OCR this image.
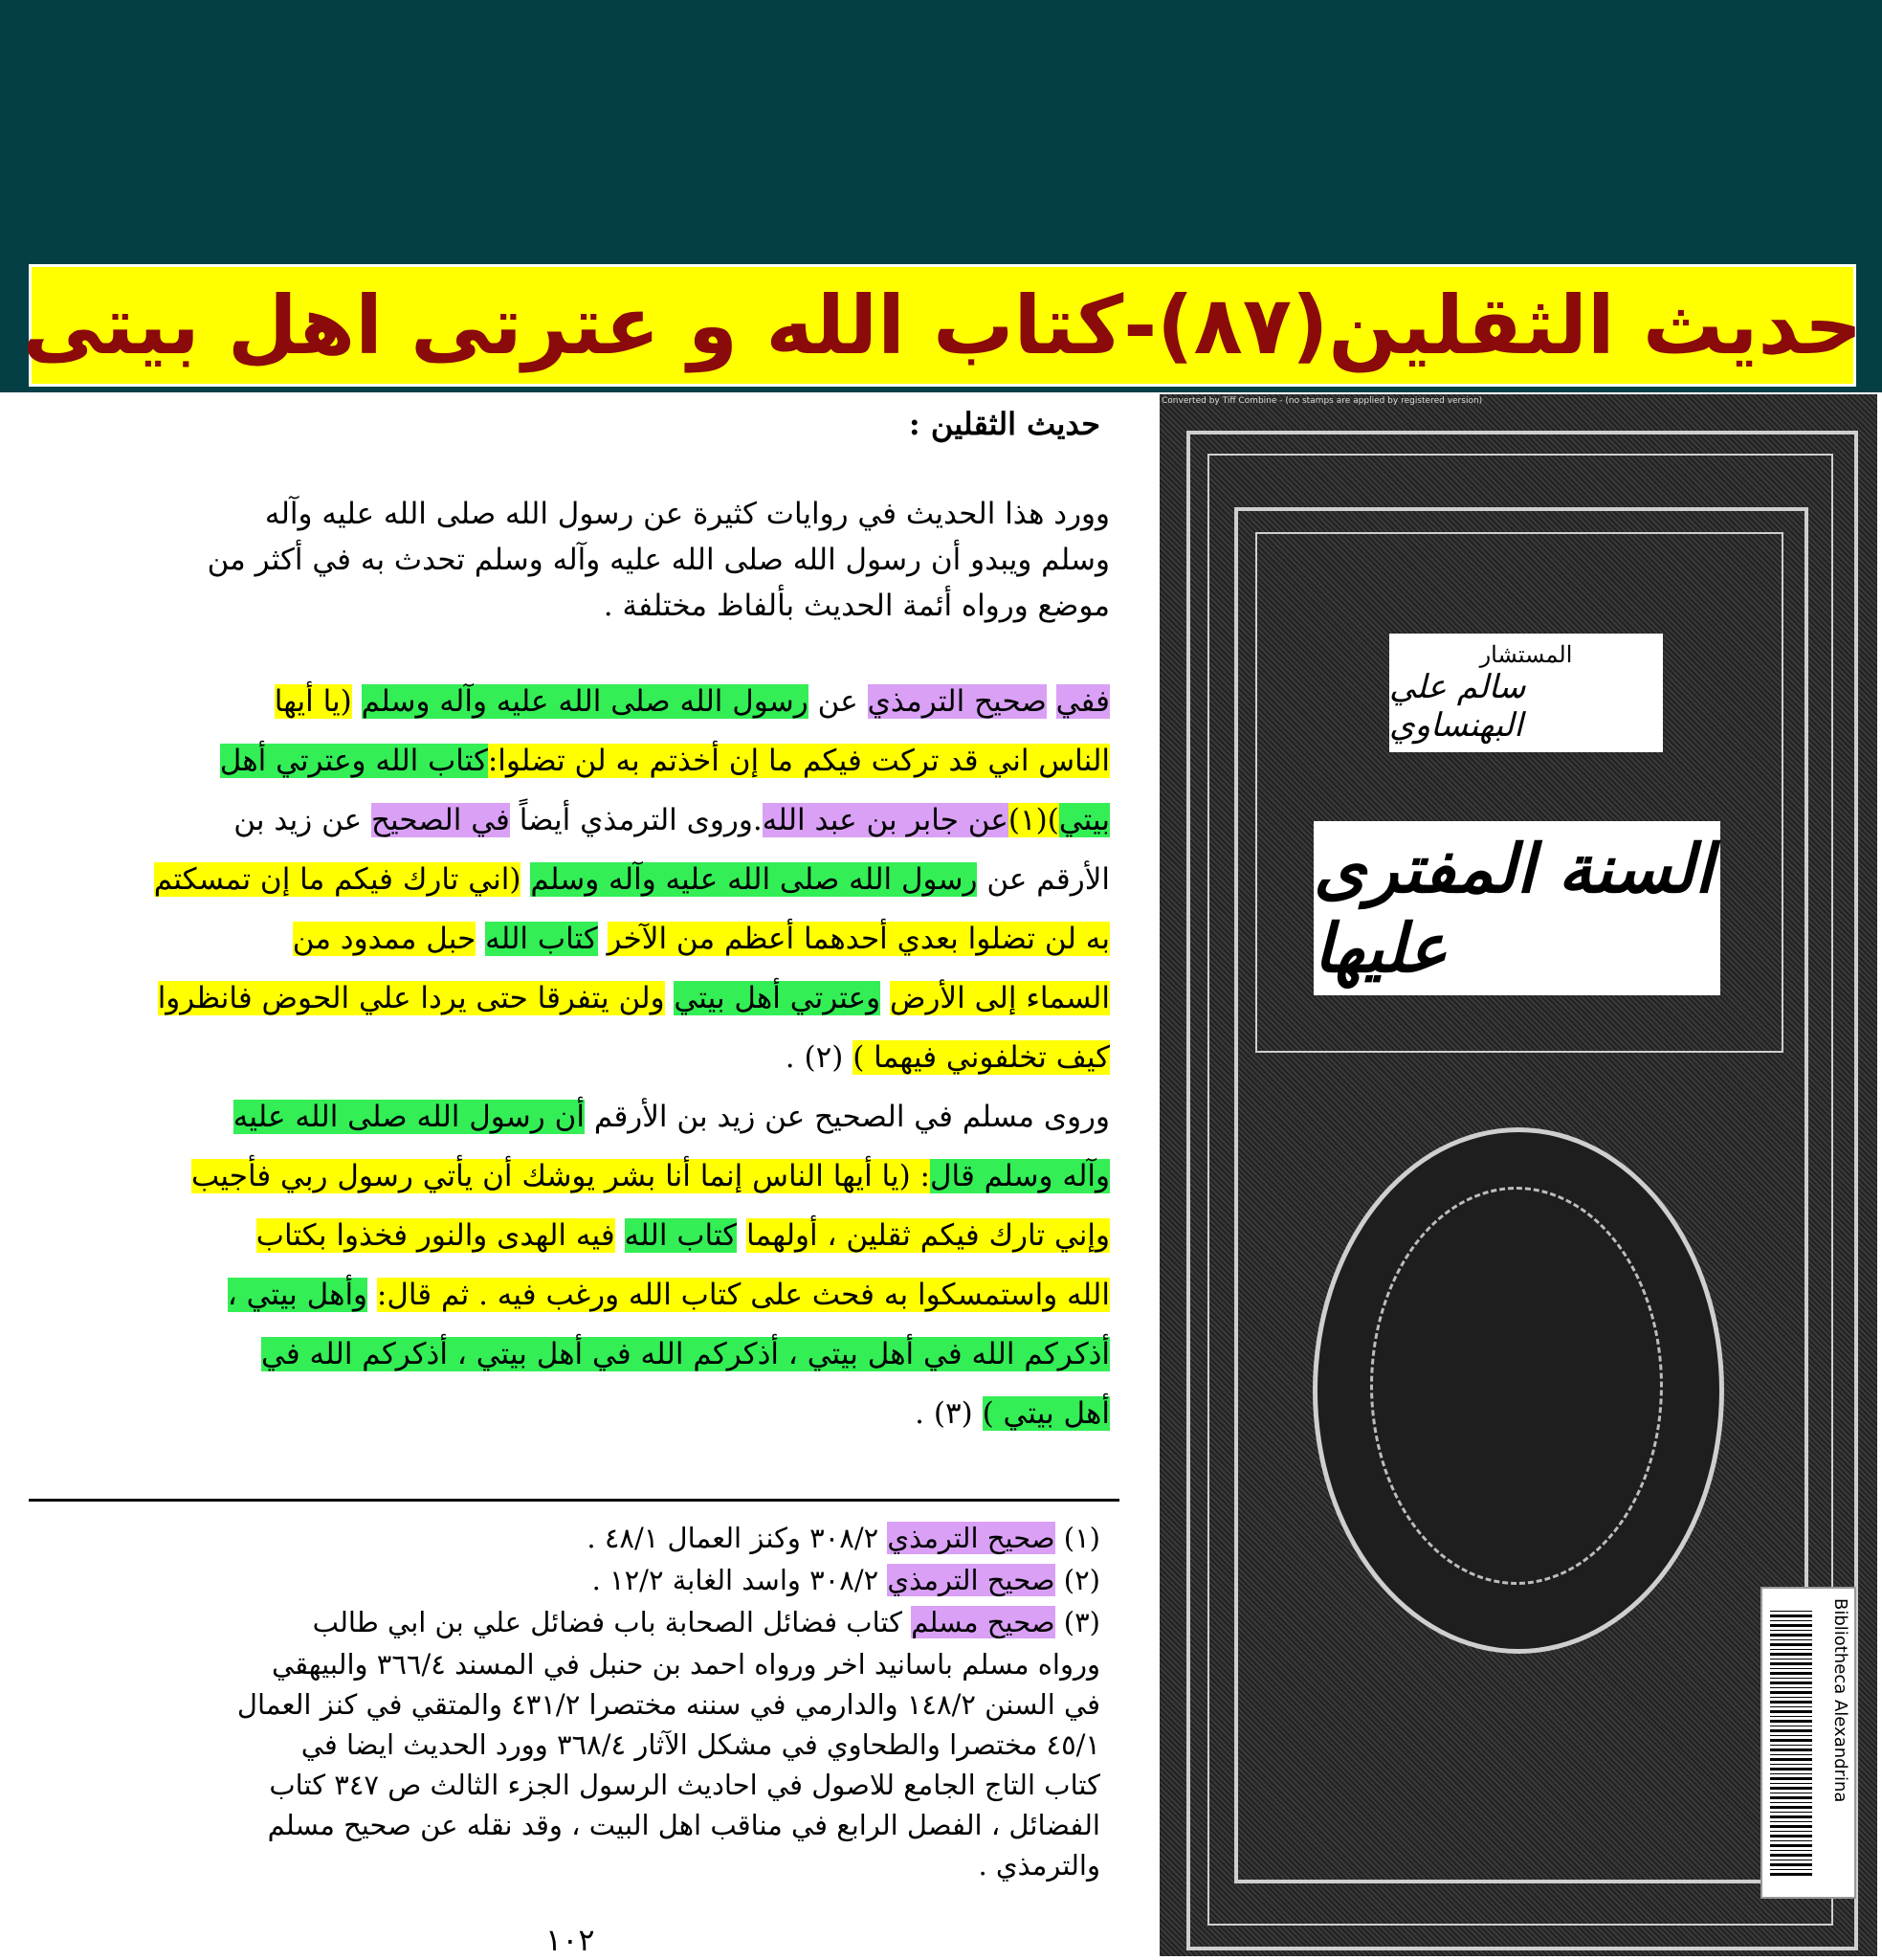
حديث الثقلين(٨٧)-كتاب الله و عترتى اهل بيتى
حديث الثقلين :
وورد هذا الحديث في روايات كثيرة عن رسول الله صلى الله عليه وآله
وسلم ويبدو أن رسول الله صلى الله عليه وآله وسلم تحدث به في أكثر من
موضع ورواه أئمة الحديث بألفاظ مختلفة .
ففي صحيح الترمذي عن رسول الله صلى الله عليه وآله وسلم (يا أيها
الناس اني قد تركت فيكم ما إن أخذتم به لن تضلوا:كتاب الله وعترتي أهل
بيتي)(١)عن جابر بن عبد الله.وروى الترمذي أيضاً في الصحيح عن زيد بن
الأرقم عن رسول الله صلى الله عليه وآله وسلم (اني تارك فيكم ما إن تمسكتم
به لن تضلوا بعدي أحدهما أعظم من الآخر كتاب الله حبل ممدود من
السماء إلى الأرض وعترتي أهل بيتي ولن يتفرقا حتى يردا علي الحوض فانظروا
كيف تخلفوني فيهما ) (٢) .
وروى مسلم في الصحيح عن زيد بن الأرقم أن رسول الله صلى الله عليه
وآله وسلم قال: (يا أيها الناس إنما أنا بشر يوشك أن يأتي رسول ربي فأجيب
وإني تارك فيكم ثقلين ، أولهما كتاب الله فيه الهدى والنور فخذوا بكتاب
الله واستمسكوا به فحث على كتاب الله ورغب فيه . ثم قال: وأهل بيتي ،
أذكركم الله في أهل بيتي ، أذكركم الله في أهل بيتي ، أذكركم الله في
أهل بيتي ) (٣) .
(١) صحيح الترمذي ٣٠٨/٢ وكنز العمال ٤٨/١ .
(٢) صحيح الترمذي ٣٠٨/٢ واسد الغابة ١٢/٢ .
(٣) صحيح مسلم كتاب فضائل الصحابة باب فضائل علي بن ابي طالب
ورواه مسلم باسانيد اخر ورواه احمد بن حنبل في المسند ٣٦٦/٤ والبيهقي
في السنن ١٤٨/٢ والدارمي في سننه مختصرا ٤٣١/٢ والمتقي في كنز العمال
٤٥/١ مختصرا والطحاوي في مشكل الآثار ٣٦٨/٤ وورد الحديث ايضا في
كتاب التاج الجامع للاصول في احاديث الرسول الجزء الثالث ص ٣٤٧ كتاب
الفضائل ، الفصل الرابع في مناقب اهل البيت ، وقد نقله عن صحيح مسلم
والترمذي .
١٠٢
Converted by Tiff Combine - (no stamps are applied by registered version)
المستشار
سالم علي البهنساوي
السنة المفترى عليها
Bibliotheca Alexandrina
